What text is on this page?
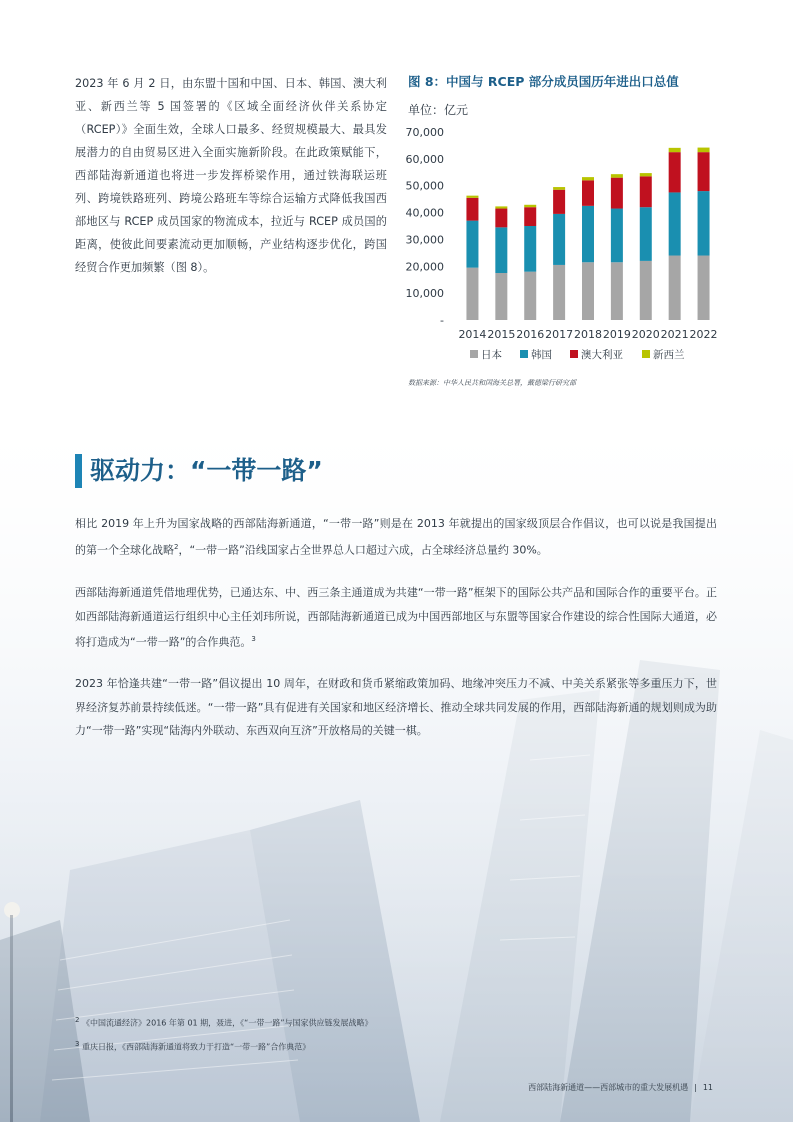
2023 年 6 月 2 日，由东盟十国和中国、日本、韩国、澳大利亚、新西兰等 5 国签署的《区域全面经济伙伴关系协定（RCEP）》全面生效，全球人口最多、经贸规模最大、最具发展潜力的自由贸易区进入全面实施新阶段。在此政策赋能下，西部陆海新通道也将进一步发挥桥梁作用，通过铁海联运班列、跨境铁路班列、跨境公路班车等综合运输方式降低我国西部地区与 RCEP 成员国家的物流成本，拉近与 RCEP 成员国的距离，使彼此间要素流动更加顺畅，产业结构逐步优化，跨国经贸合作更加频繁（图 8）。
图 8：中国与 RCEP 部分成员国历年进出口总值
单位：亿元
-
10,000
20,000
30,000
40,000
50,000
60,000
70,000
2014 2015 2016 2017 2018 2019 2020 2021 2022
日本	韩国	澳大利亚	新西兰
数据来源：中华人民共和国海关总署，戴德梁行研究部
驱动力：“一带一路”
相比 2019 年上升为国家战略的西部陆海新通道，“一带一路”则是在 2013 年就提出的国家级顶层合作倡议，也可以说是我国提出的第一个全球化战略$^2$，“一带一路”沿线国家占全世界总人口超过六成，占全球经济总量约 30%。
西部陆海新通道凭借地理优势，已通达东、中、西三条主通道成为共建“一带一路”框架下的国际公共产品和国际合作的重要平台。正如西部陆海新通道运行组织中心主任刘玮所说，西部陆海新通道已成为中国西部地区与东盟等国家合作建设的综合性国际大通道，必将打造成为“一带一路”的合作典范。$^3$
2023 年恰逢共建“一带一路”倡议提出 10 周年，在财政和货币紧缩政策加码、地缘冲突压力不减、中美关系紧张等多重压力下，世界经济复苏前景持续低迷。“一带一路”具有促进有关国家和地区经济增长、推动全球共同发展的作用，西部陆海新通的规划则成为助力“一带一路”实现“陆海内外联动、东西双向互济”开放格局的关键一棋。
$^2$ 《中国流通经济》2016 年第 01 期，聂进，《“一带一路”与国家供应链发展战略》
$^3$ 重庆日报，《西部陆海新通道将致力于打造“一带一路”合作典范》
西部陆海新通道——西部城市的重大发展机遇 | 11
